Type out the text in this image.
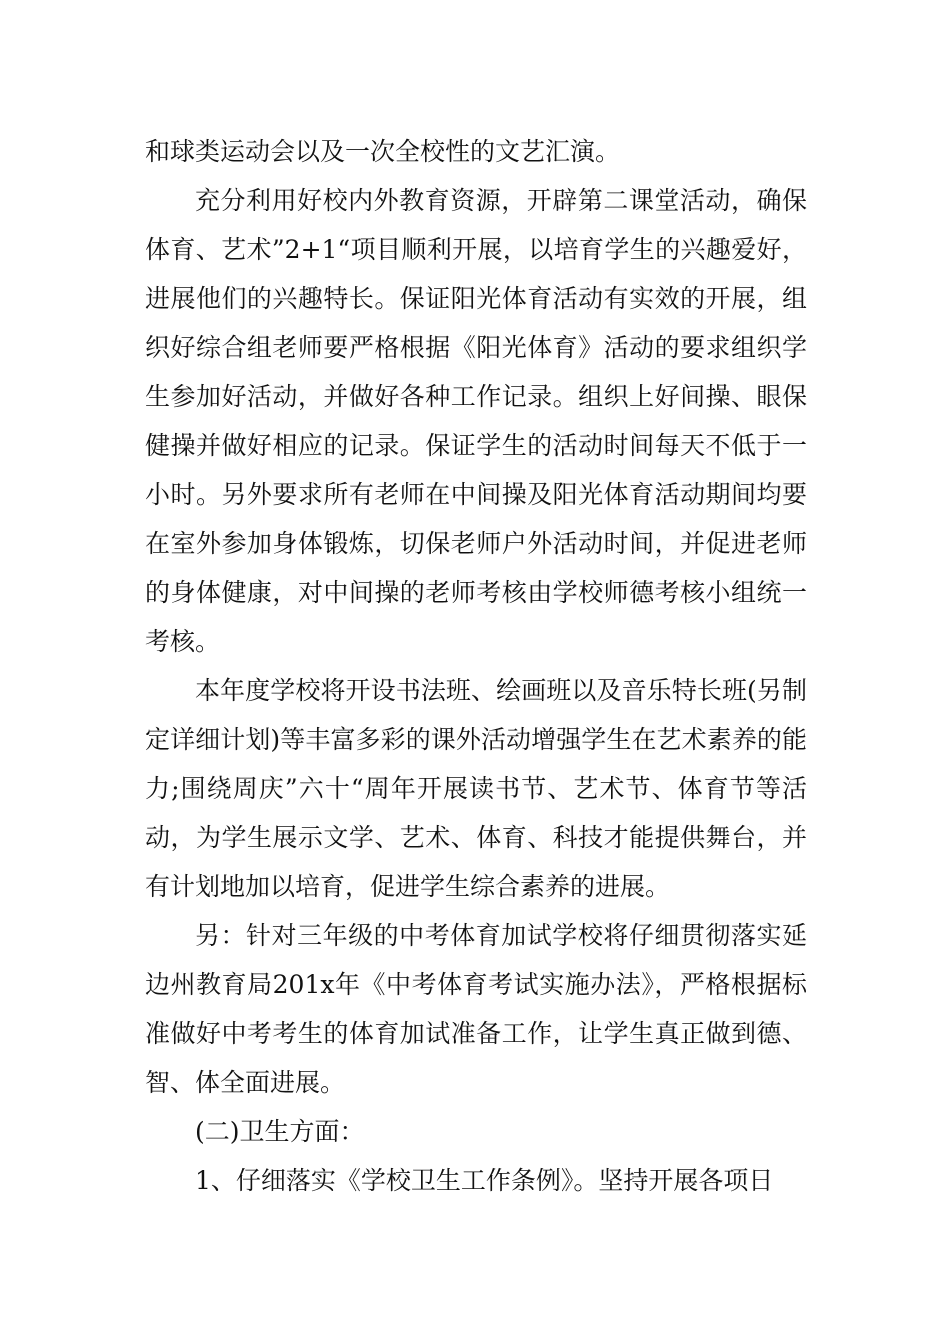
和球类运动会以及一次全校性的文艺汇演。

充分利用好校内外教育资源，开辟第二课堂活动，确保体育、艺术”2+1“项目顺利开展，以培育学生的兴趣爱好，进展他们的兴趣特长。保证阳光体育活动有实效的开展，组织好综合组老师要严格根据《阳光体育》活动的要求组织学生参加好活动，并做好各种工作记录。组织上好间操、眼保健操并做好相应的记录。保证学生的活动时间每天不低于一小时。另外要求所有老师在中间操及阳光体育活动期间均要在室外参加身体锻炼，切保老师户外活动时间，并促进老师的身体健康，对中间操的老师考核由学校师德考核小组统一考核。

本年度学校将开设书法班、绘画班以及音乐特长班(另制定详细计划)等丰富多彩的课外活动增强学生在艺术素养的能力;围绕周庆”六十“周年开展读书节、艺术节、体育节等活动，为学生展示文学、艺术、体育、科技才能提供舞台，并有计划地加以培育，促进学生综合素养的进展。

另：针对三年级的中考体育加试学校将仔细贯彻落实延边州教育局201x年《中考体育考试实施办法》，严格根据标准做好中考考生的体育加试准备工作，让学生真正做到德、智、体全面进展。

(二)卫生方面：

1、仔细落实《学校卫生工作条例》。坚持开展各项日
